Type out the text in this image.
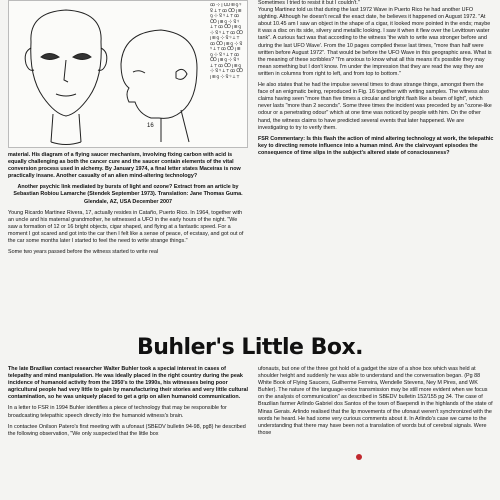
16
ꝏ⊹ꞁꝎ⊞ꝯꝰꝾ⊥⊤ꝏꝎꞁ⊞ꝯ⊹Ꝿꝰ⊥⊤ꝏꝎꞁ⊞ꝯ⊹Ꝿꝰ⊥⊤ꝏꝎꞁ⊞ꝯ⊹Ꝿꝰ⊥⊤ꝏꝎꞁ⊞ꝯ⊹Ꝿꝰ⊥⊤ꝏꝎꞁ⊞ꝯ⊹Ꝿꝰ⊥⊤ꝏꝎꞁ⊞ꝯ⊹Ꝿꝰ⊥⊤ꝏꝎꞁ⊞ꝯ⊹Ꝿꝰ⊥⊤ꝏꝎꞁ⊞ꝯ⊹Ꝿꝰ⊥⊤ꝏꝎꞁ⊞ꝯ⊹Ꝿꝰ⊥⊤

material. His diagram of a flying saucer mechanism, involving fixing carbon with acid is equally challenging as both the cancer cure and the saucer contain elements of the vital conversion process used in alchemy. By January 1974, a final letter states Maceiras is now practically insane. Another casualty of an alien mind-altering technology?

Another psychic link mediated by bursts of light and ozone? Extract from an article by Sebastian Robiou Lamarche (Stendek September 1973). Translation: Jane Thomas Guma. Glendale, AZ, USA December 2007

Young Ricardo Martinez Rivera, 17, actually resides in Cataño, Puerto Rico. In 1964, together with an uncle and his maternal grandmother, he witnessed a UFO in the early hours of the night. "We saw a formation of 12 or 16 bright objects, cigar shaped, and flying at a fantastic speed. For a moment I got scared and got into the car then I felt like a sense of peace, of ecstasy, and got out of the car some months later I started to feel the need to write strange things."

Some two years passed before the witness started to write real

Sometimes I tried to resist it but I couldn't."

Young Martinez told us that during the last 1972 Wave in Puerto Rico he had another UFO sighting. Although he doesn't recall the exact date, he believes it happened on August 1972. "At about 10.45 am I saw an object in the shape of a cigar, it looked more pointed in the ends; maybe it was a disc on its side, silvery and metallic looking. I saw it when it flew over the Levittown water tank". A curious fact was that according to the witness 'the wish to write was stronger before and during the last UFO Wave'. From the 10 pages compiled these last times, "more than half were written before August 1972". That would be before the UFO Wave in this geographic area. What is the meaning of these scribbles? "I'm anxious to know what all this means it's possible they may mean something but I don't know. I'm under the impression that they are read the way they are written in columns from right to left, and from top to bottom."

He also states that he had the impulse several times to draw strange things, amongst them the face of an enigmatic being, reproduced in Fig. 16 together with writing samples. The witness also claims having seen "more than five times a circular and bright flash like a beam of light", which never lasts "more than 2 seconds". Some three times the incident was preceded by an "ozone-like odour or a penetrating odour" which at one time was noticed by people with him. On the other hand, the witness claims to have predicted several events that later happened. We are investigating to try to verify them.

FSR Commentary: Is this flash the action of mind altering technology at work, the telepathic key to directing remote influence into a human mind. Are the clairvoyant episodes the consequence of time slips in the subject's altered state of consciousness?

Buhler's Little Box.

The late Brazilian contact researcher Walter Buhler took a special interest in cases of telepathy and mind manipulation. He was ideally placed in the right country during the peak incidence of humanoid activity from the 1950's to the 1990s, his witnesses being poor agricultural people had very little to gain by manufacturing their stories and very little cultural contamination, so he was uniquely placed to get a grip on alien humanoid communication.

In a letter to FSR in 1994 Buhler identifies a piece of technology that may be responsible for broadcasting telepathic speech directly into the humanoid witness's brain.

In contactee Onilson Patero's first meeting with a ufonaut (SBEDV bulletin 94-98, pg8) he described the following observation, "We only suspected that the little box

ufonauts, but one of the three got hold of a gadget the size of a shoe box which was held at shoulder height and suddenly he was able to understand and the conversation began. (Pg 88 White Book of Flying Saucers, Guilherme Ferreira, Wendelle Stevens, Ney M Pires, and WK Buhler). The nature of the language-voice transmission may be still more evident when we focus on the analysis of communication" as described in SBEDV bulletin 152/155 pg 34. The case of Brazilian farmer Arlindo Gabriel dos Santos of the town of Baependi in the highlands of the state of Minas Gerais. Arlindo realised that the lip movements of the ufonaut weren't synchronized with the words he heard. He had some very curious comments about it. In Arlindo's case we came to the understanding that there may have been not a translation of words but of cerebral signals. Were those
